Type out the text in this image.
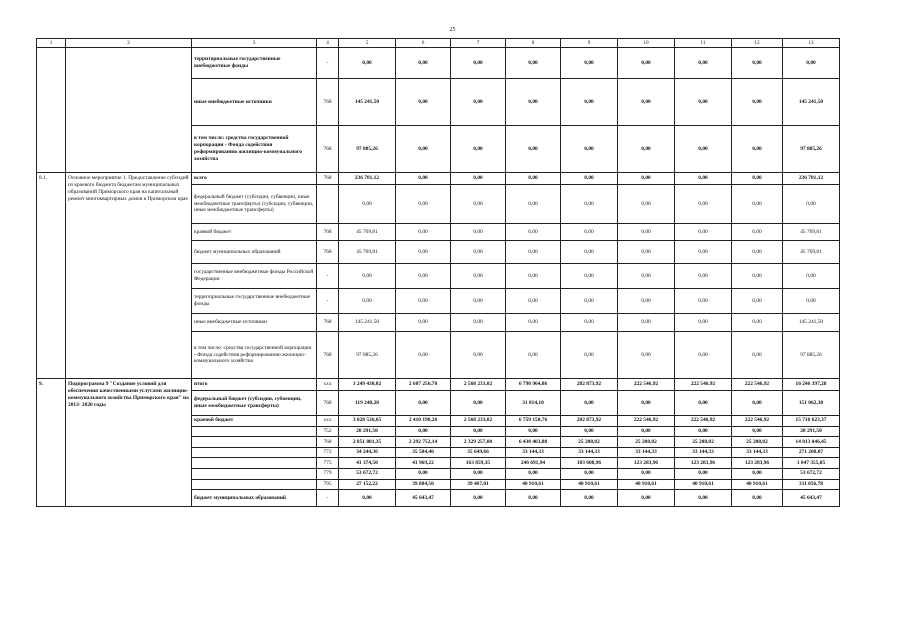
25
1	2	3	4	5	6	7	8	9	10	11	12	13
		территориальные государственные внебюджетные фонды	-	0,00	0,00	0,00	0,00	0,00	0,00	0,00	0,00	0,00
		иные внебюджетные источники	768	145 241,50	0,00	0,00	0,00	0,00	0,00	0,00	0,00	145 241,50
		в том числе: средства государственной корпорации - Фонда содействия реформированию жилищно-коммунального хозяйства	768	97 885,26	0,00	0,00	0,00	0,00	0,00	0,00	0,00	97 885,26
8.1.	Основное мероприятие 1. Предоставление субсидий из краевого бюджета бюджетам муниципальных образований Приморского края на капитальный ремонт многоквартирных домов в Приморском крае	всего	768	236 781,12	0,00	0,00	0,00	0,00	0,00	0,00	0,00	236 781,12
		федеральный бюджет (субсидии, субвенции, иные межбюджетные трансферты) (субсидии, субвенции, иные межбюджетные трансферты)		0,00	0,00	0,00	0,00	0,00	0,00	0,00	0,00	0,00
		краевой бюджет	768	45 769,81	0,00	0,00	0,00	0,00	0,00	0,00	0,00	45 769,81
		бюджет муниципальных образований	768	45 769,81	0,00	0,00	0,00	0,00	0,00	0,00	0,00	45 769,81
		государственные внебюджетные фонды Российской Федерации	-	0,00	0,00	0,00	0,00	0,00	0,00	0,00	0,00	0,00
		территориальные государственные внебюджетные фонды	-	0,00	0,00	0,00	0,00	0,00	0,00	0,00	0,00	0,00
		иные внебюджетные источники	768	145 241,50	0,00	0,00	0,00	0,00	0,00	0,00	0,00	145 241,50
		в том числе: средства государственной корпорации - Фонда содействия реформированию жилищно-коммунального хозяйства	768	97 885,26	0,00	0,00	0,00	0,00	0,00	0,00	0,00	97 885,26
9.	Подпрограмма 9 "Создание условий для обеспечения качественными услугами жилищно-коммунального хозяйства Приморского края" на 2013- 2020 годы	итого	xxx	3 249 430,02	2 687 256,70	2 568 233,02	6 790 964,86	282 873,92	222 546,92	222 546,92	222 546,92	16 246 397,28
		федеральный бюджет (субсидии, субвенции, иные межбюджетные трансферты)	768	119 248,28	0,00	0,00	31 814,10	0,00	0,00	0,00	0,00	151 062,38
		краевой бюджет	xxx	3 028 536,65	2 410 190,26	2 568 233,02	6 759 150,76	282 873,92	222 546,92	222 546,92	222 546,92	15 716 623,37
			752	20 291,50	0,00	0,00	0,00	0,00	0,00	0,00	0,00	20 291,50
			768	2 851 801,35	2 292 752,14	2 329 257,00	6 438 403,88	25 208,02	25 208,02	25 208,02	25 208,02	14 013 046,45
			772	34 244,36	35 584,40	35 649,66	33 144,33	33 144,33	33 144,33	33 144,33	33 144,33	271 200,07
			775	41 374,50	41 969,22	163 859,35	246 691,94	183 608,96	123 283,96	123 283,96	123 283,96	1 047 355,85
			779	53 672,72	0,00	0,00	0,00	0,00	0,00	0,00	0,00	53 672,72
			795	27 152,22	39 884,50	39 467,01	40 910,61	40 910,61	40 910,61	40 910,61	40 910,61	311 056,78
		бюджет муниципальных образований	-	0,00	45 643,47	0,00	0,00	0,00	0,00	0,00	0,00	45 643,47
